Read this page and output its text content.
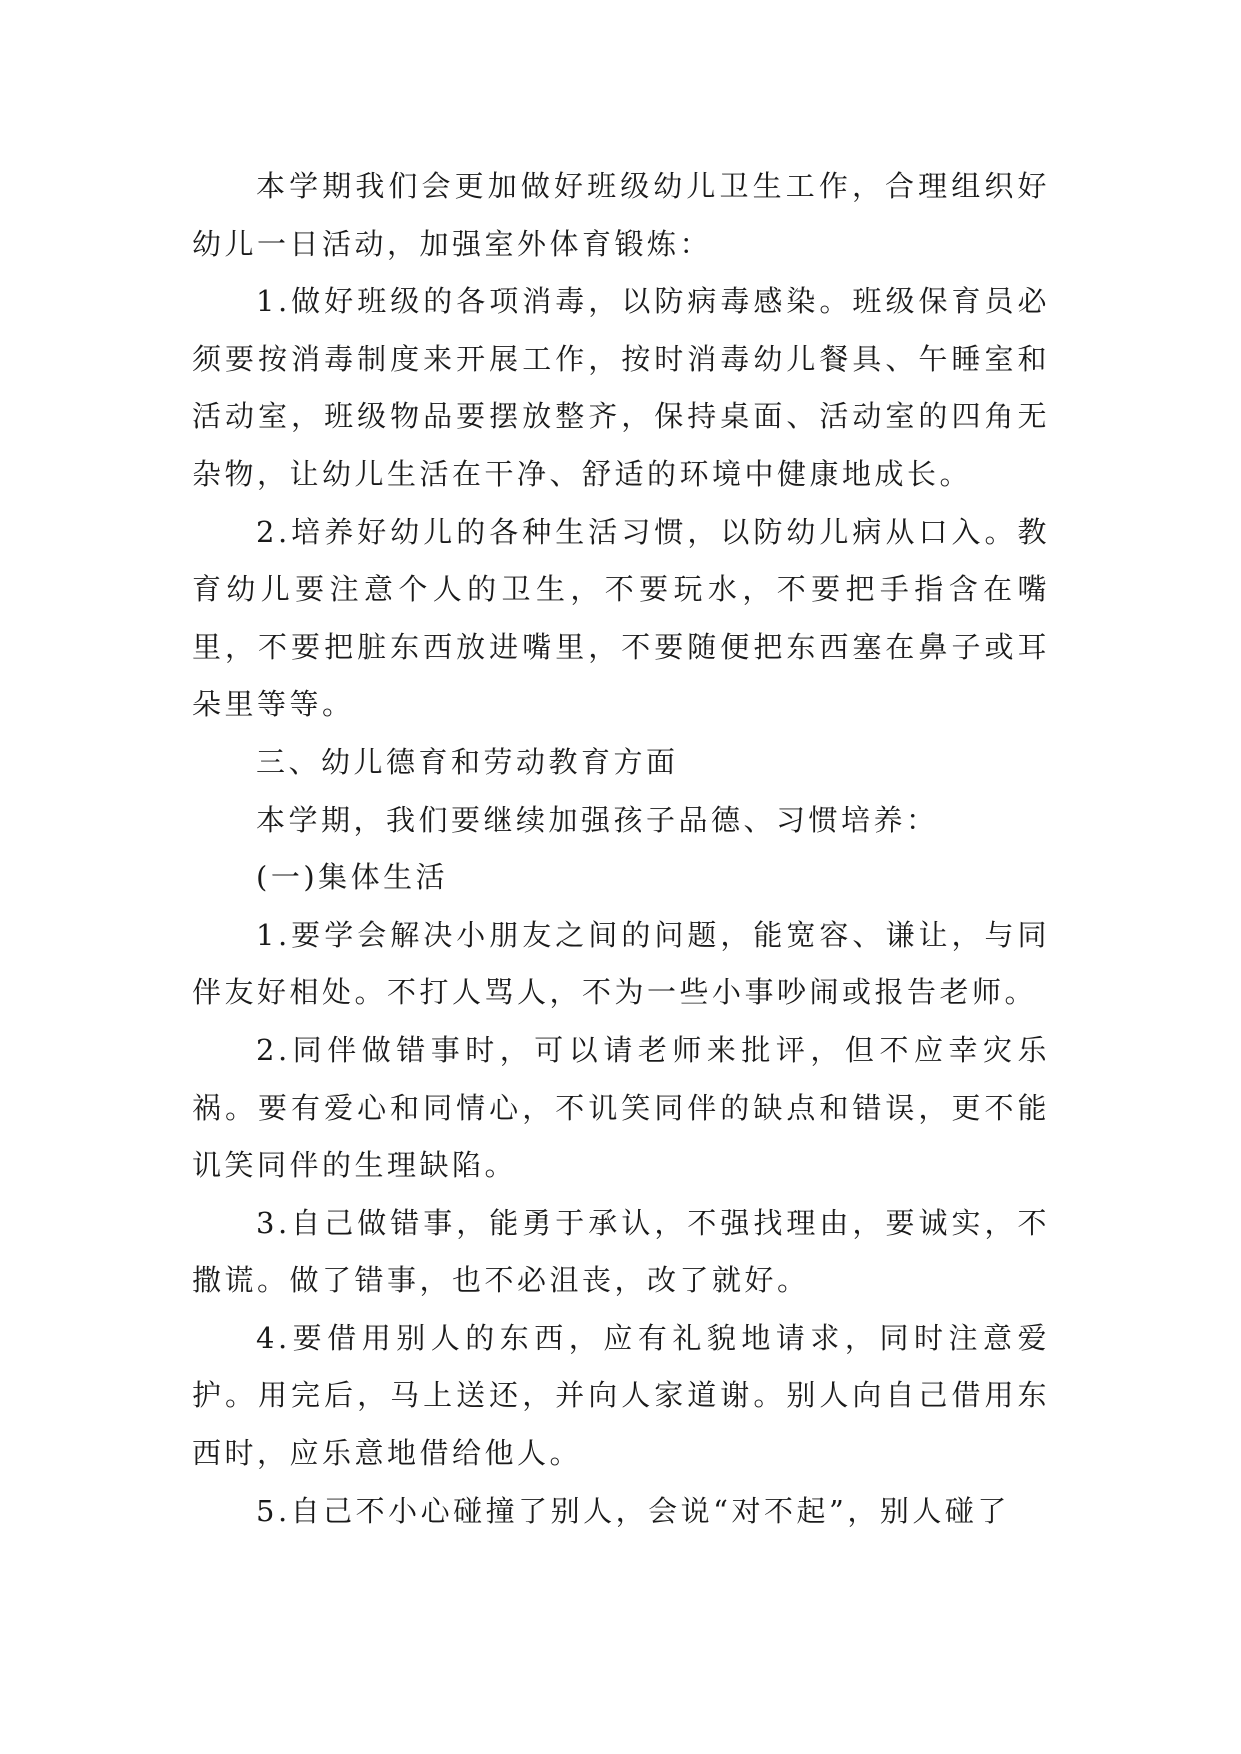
本学期我们会更加做好班级幼儿卫生工作，合理组织好幼儿一日活动，加强室外体育锻炼：

1.做好班级的各项消毒，以防病毒感染。班级保育员必须要按消毒制度来开展工作，按时消毒幼儿餐具、午睡室和活动室，班级物品要摆放整齐，保持桌面、活动室的四角无杂物，让幼儿生活在干净、舒适的环境中健康地成长。

2.培养好幼儿的各种生活习惯，以防幼儿病从口入。教育幼儿要注意个人的卫生，不要玩水，不要把手指含在嘴里，不要把脏东西放进嘴里，不要随便把东西塞在鼻子或耳朵里等等。

三、幼儿德育和劳动教育方面

本学期，我们要继续加强孩子品德、习惯培养：

(一)集体生活

1.要学会解决小朋友之间的问题，能宽容、谦让，与同伴友好相处。不打人骂人，不为一些小事吵闹或报告老师。

2.同伴做错事时，可以请老师来批评，但不应幸灾乐祸。要有爱心和同情心，不讥笑同伴的缺点和错误，更不能讥笑同伴的生理缺陷。

3.自己做错事，能勇于承认，不强找理由，要诚实，不撒谎。做了错事，也不必沮丧，改了就好。

4.要借用别人的东西，应有礼貌地请求，同时注意爱护。用完后，马上送还，并向人家道谢。别人向自己借用东西时，应乐意地借给他人。

5.自己不小心碰撞了别人，会说“对不起”，别人碰了
